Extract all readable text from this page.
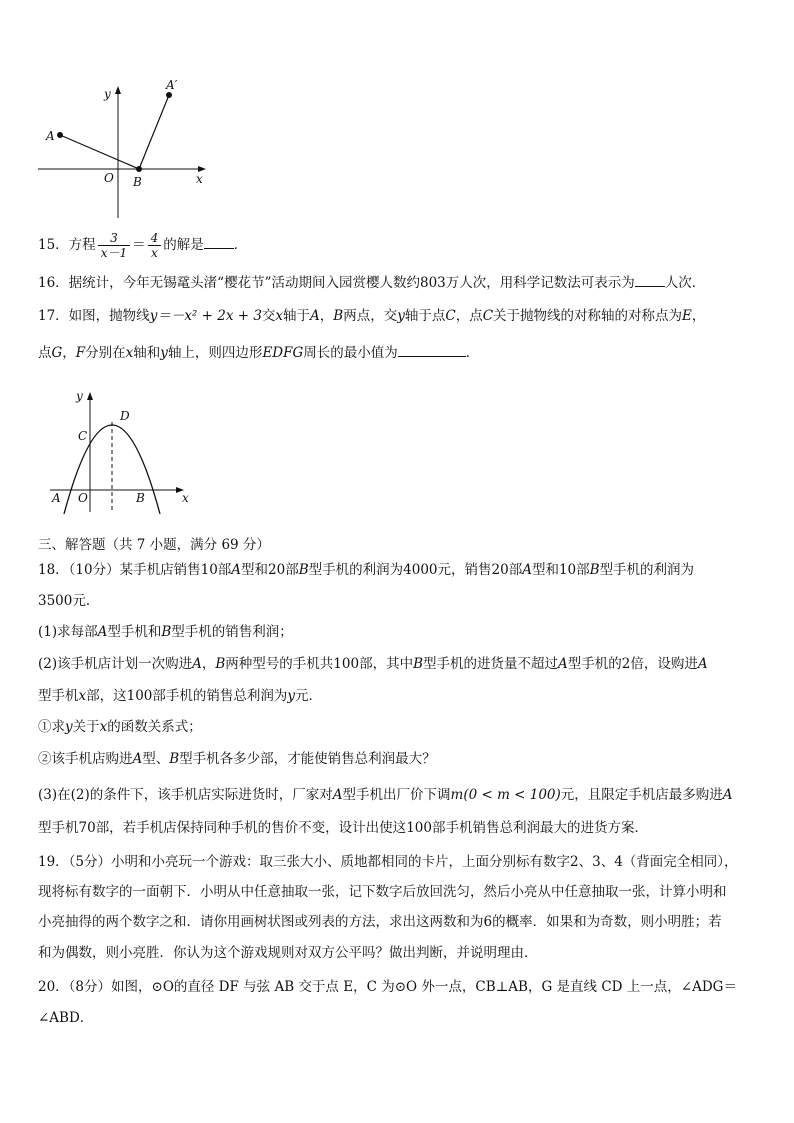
y
x
O
A
A′
B
15．方程 $\frac{3}{x-1} = \frac{4}{x}$ 的解是 ．
16．据统计，今年无锡鼋头渚“樱花节”活动期间入园赏樱人数约803万人次，用科学记数法可表示为 人次．
17．如图，抛物线y＝－x² + 2x + 3交x轴于A，B两点，交y轴于点C，点C关于抛物线的对称轴的对称点为E，
点G，F分别在x轴和y轴上，则四边形EDFG周长的最小值为	．
y
x
O
A	B
C
D
三、解答题（共 7 小题，满分 69 分）
18．（10分）某手机店销售10部A型和20部B型手机的利润为4000元，销售20部A型和10部B型手机的利润为
3500元．
(1)求每部A型手机和B型手机的销售利润；
(2)该手机店计划一次购进A，B两种型号的手机共100部，其中B型手机的进货量不超过A型手机的2倍，设购进A
型手机x部，这100部手机的销售总利润为y元．
①求y关于x的函数关系式；
②该手机店购进A型、B型手机各多少部，才能使销售总利润最大？
(3)在(2)的条件下，该手机店实际进货时，厂家对A型手机出厂价下调m(0 < m < 100)元，且限定手机店最多购进A
型手机70部，若手机店保持同种手机的售价不变，设计出使这100部手机销售总利润最大的进货方案．
19．（5分）小明和小亮玩一个游戏：取三张大小、质地都相同的卡片，上面分别标有数字2、3、4（背面完全相同），
现将标有数字的一面朝下．小明从中任意抽取一张，记下数字后放回洗匀，然后小亮从中任意抽取一张，计算小明和
小亮抽得的两个数字之和．请你用画树状图或列表的方法，求出这两数和为6的概率．如果和为奇数，则小明胜；若
和为偶数，则小亮胜．你认为这个游戏规则对双方公平吗？做出判断，并说明理由．
20．（8分）如图，⊙O的直径 DF 与弦 AB 交于点 E，C 为⊙O 外一点，CB⊥AB，G 是直线 CD 上一点，∠ADG＝
∠ABD．
